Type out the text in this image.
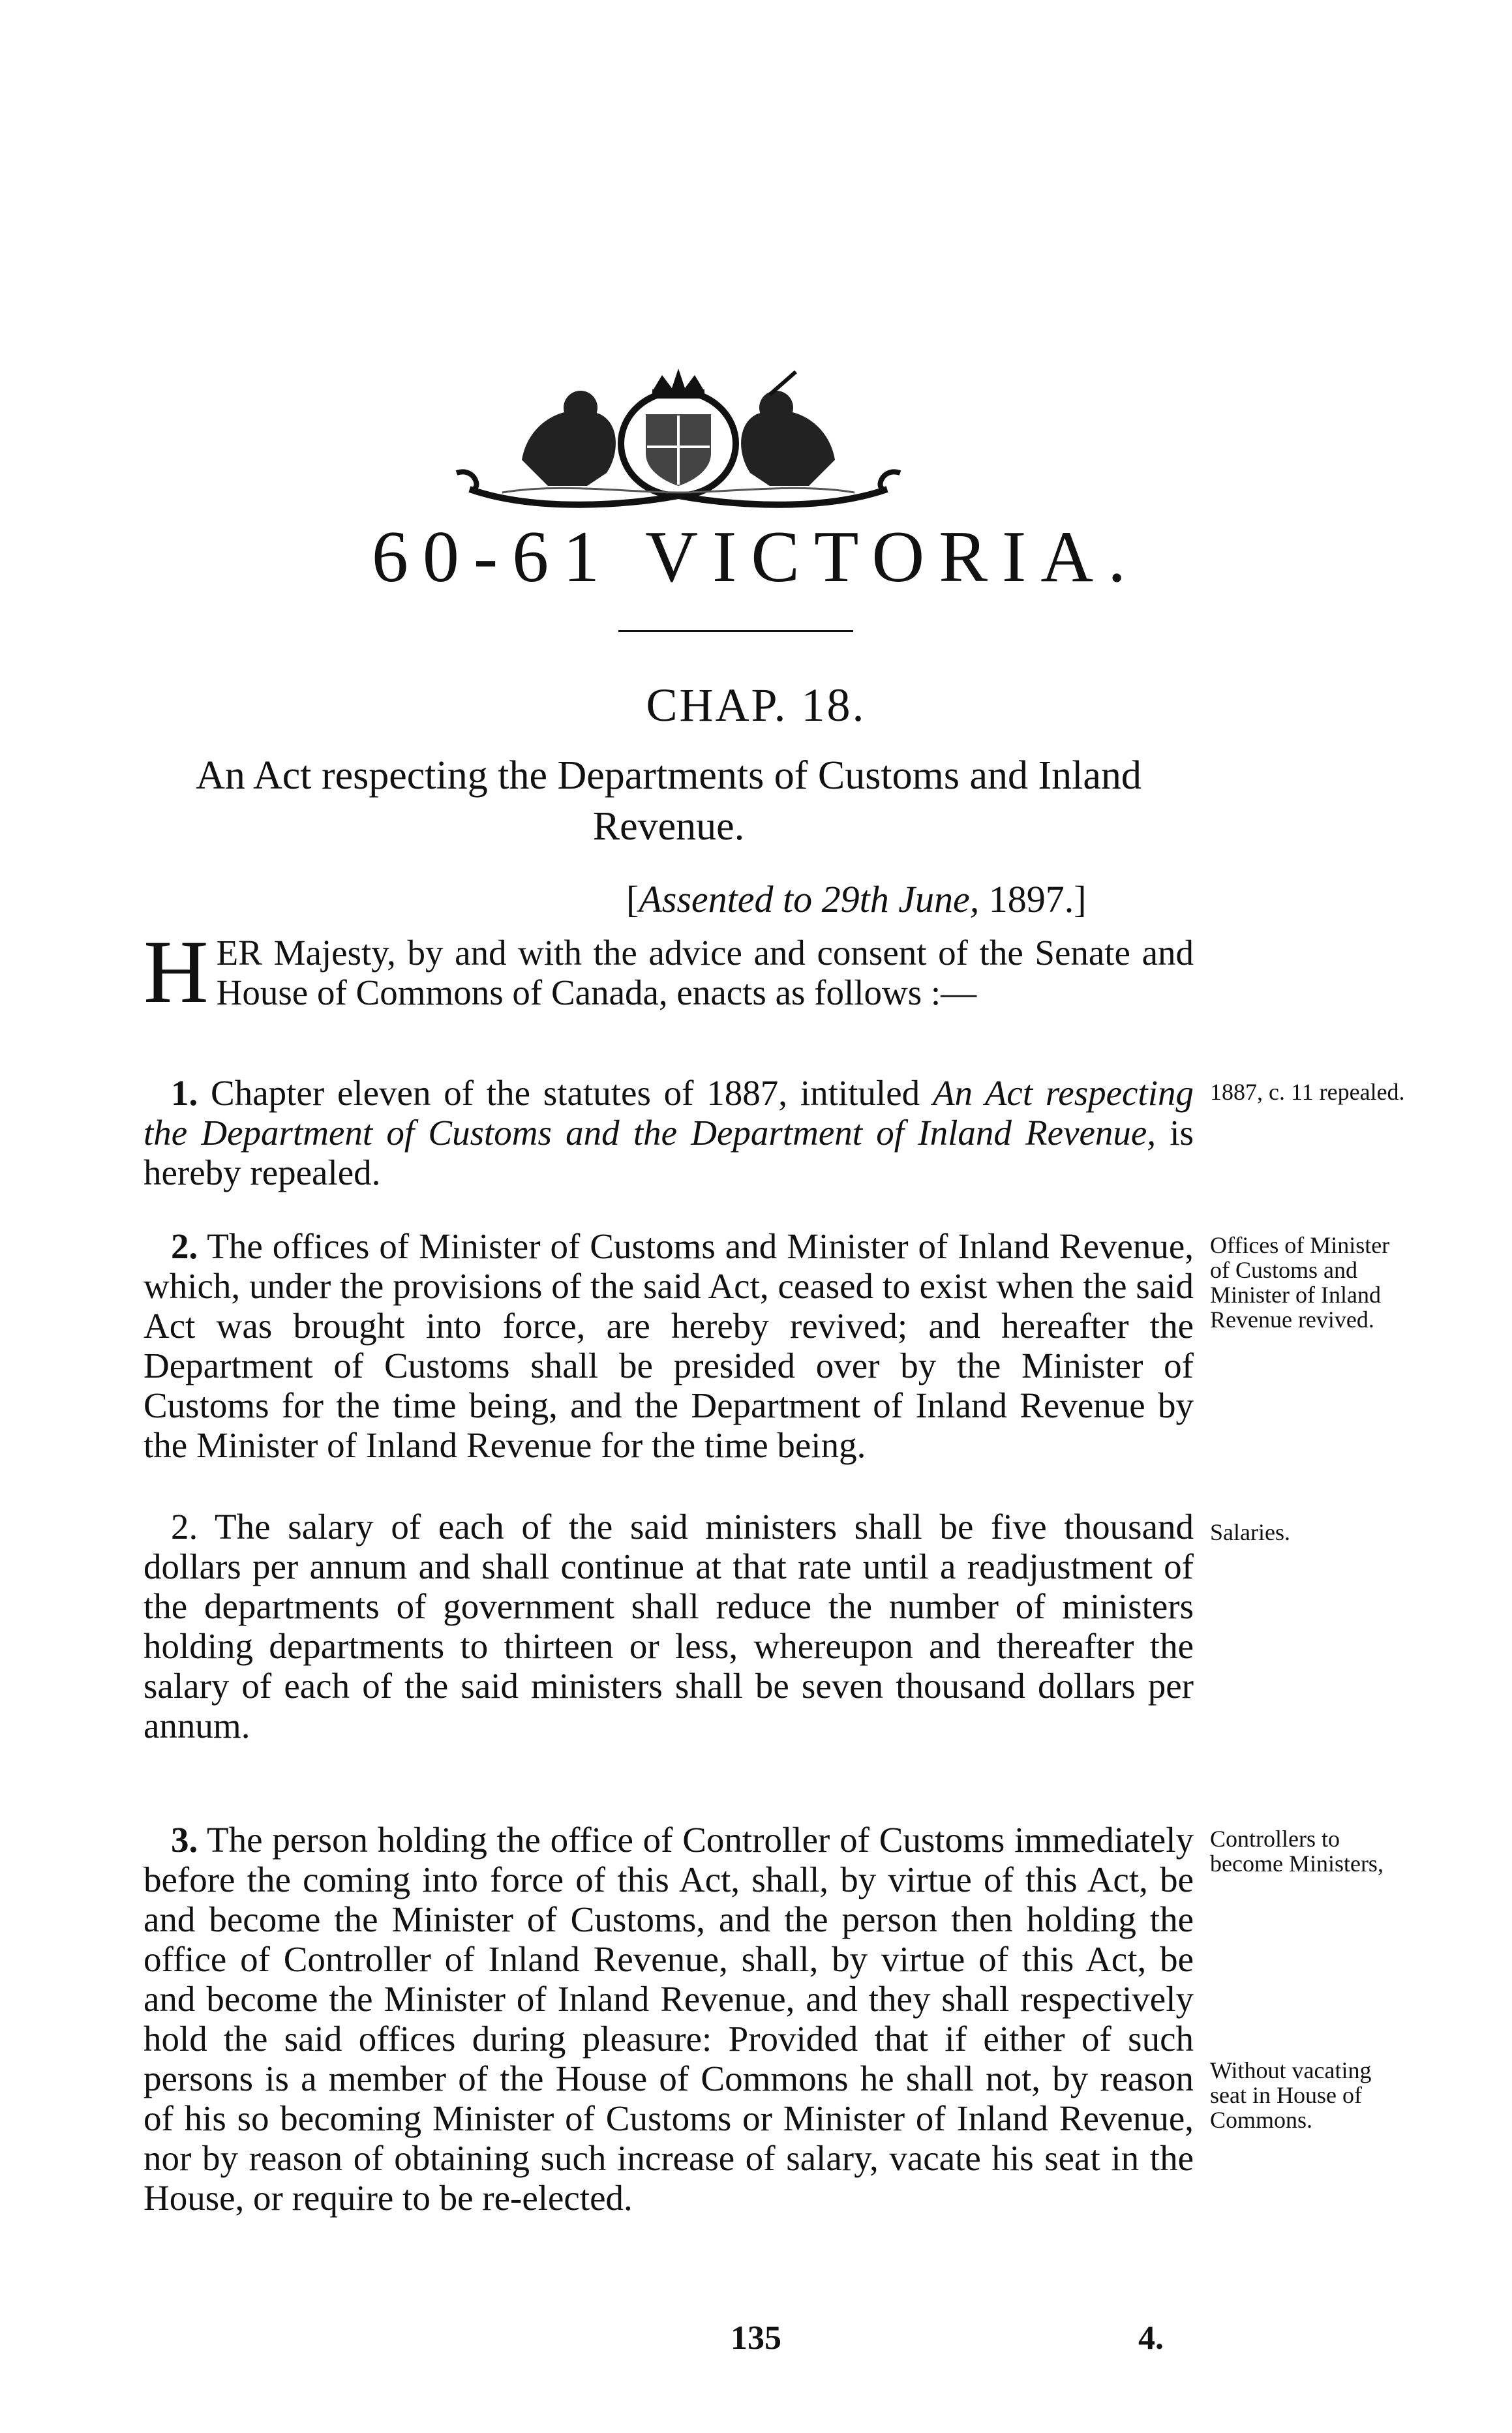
60-61 VICTORIA.
CHAP. 18.
An Act respecting the Departments of Customs and Inland Revenue.
[Assented to 29th June, 1897.]
HER Majesty, by and with the advice and consent of the Senate and House of Commons of Canada, enacts as follows :—
1. Chapter eleven of the statutes of 1887, intituled An Act respecting the Department of Customs and the Department of Inland Revenue, is hereby repealed.
1887, c. 11 repealed.
2. The offices of Minister of Customs and Minister of Inland Revenue, which, under the provisions of the said Act, ceased to exist when the said Act was brought into force, are hereby revived; and hereafter the Department of Customs shall be presided over by the Minister of Customs for the time being, and the Department of Inland Revenue by the Minister of Inland Revenue for the time being.
Offices of Minister of Customs and Minister of Inland Revenue revived.
2. The salary of each of the said ministers shall be five thousand dollars per annum and shall continue at that rate until a readjustment of the departments of government shall reduce the number of ministers holding departments to thirteen or less, whereupon and thereafter the salary of each of the said ministers shall be seven thousand dollars per annum.
Salaries.
3. The person holding the office of Controller of Customs immediately before the coming into force of this Act, shall, by virtue of this Act, be and become the Minister of Customs, and the person then holding the office of Controller of Inland Revenue, shall, by virtue of this Act, be and become the Minister of Inland Revenue, and they shall respectively hold the said offices during pleasure: Provided that if either of such persons is a member of the House of Commons he shall not, by reason of his so becoming Minister of Customs or Minister of Inland Revenue, nor by reason of obtaining such increase of salary, vacate his seat in the House, or require to be re-elected.
Controllers to become Ministers,
Without vacating seat in House of Commons.
135	4.
